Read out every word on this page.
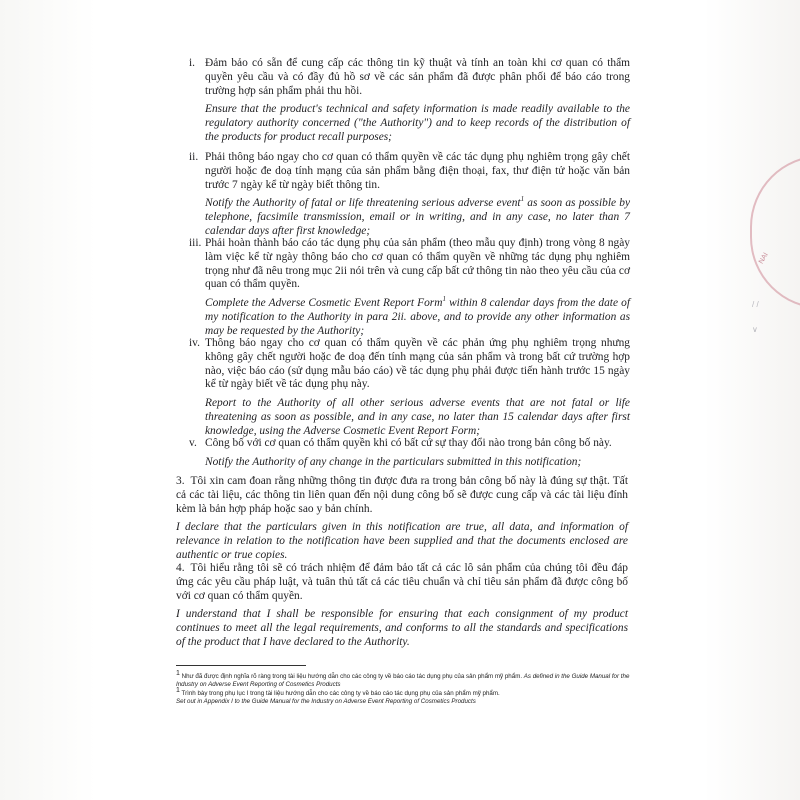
i. Đảm bảo có sẵn để cung cấp các thông tin kỹ thuật và tính an toàn khi cơ quan có thẩm quyền yêu cầu và có đầy đủ hồ sơ về các sản phẩm đã được phân phối để báo cáo trong trường hợp sản phẩm phải thu hồi.

Ensure that the product's technical and safety information is made readily available to the regulatory authority concerned ("the Authority") and to keep records of the distribution of the products for product recall purposes;

ii. Phải thông báo ngay cho cơ quan có thẩm quyền về các tác dụng phụ nghiêm trọng gây chết người hoặc đe doạ tính mạng của sản phẩm bằng điện thoại, fax, thư điện tử hoặc văn bản trước 7 ngày kể từ ngày biết thông tin.

Notify the Authority of fatal or life threatening serious adverse event$^1$ as soon as possible by telephone, facsimile transmission, email or in writing, and in any case, no later than 7 calendar days after first knowledge;

iii. Phải hoàn thành báo cáo tác dụng phụ của sản phẩm (theo mẫu quy định) trong vòng 8 ngày làm việc kể từ ngày thông báo cho cơ quan có thẩm quyền về những tác dụng phụ nghiêm trọng như đã nêu trong mục 2ii nói trên và cung cấp bất cứ thông tin nào theo yêu cầu của cơ quan có thẩm quyền.

Complete the Adverse Cosmetic Event Report Form$^1$ within 8 calendar days from the date of my notification to the Authority in para 2ii. above, and to provide any other information as may be requested by the Authority;

iv. Thông báo ngay cho cơ quan có thẩm quyền về các phản ứng phụ nghiêm trọng nhưng không gây chết người hoặc đe doạ đến tính mạng của sản phẩm và trong bất cứ trường hợp nào, việc báo cáo (sử dụng mẫu báo cáo) về tác dụng phụ phải được tiến hành trước 15 ngày kể từ ngày biết về tác dụng phụ này.

Report to the Authority of all other serious adverse events that are not fatal or life threatening as soon as possible, and in any case, no later than 15 calendar days after first knowledge, using the Adverse Cosmetic Event Report Form;

v. Công bố với cơ quan có thẩm quyền khi có bất cứ sự thay đổi nào trong bản công bố này.

Notify the Authority of any change in the particulars submitted in this notification;

3. Tôi xin cam đoan rằng những thông tin được đưa ra trong bản công bố này là đúng sự thật. Tất cả các tài liệu, các thông tin liên quan đến nội dung công bố sẽ được cung cấp và các tài liệu đính kèm là bản hợp pháp hoặc sao y bản chính.

I declare that the particulars given in this notification are true, all data, and information of relevance in relation to the notification have been supplied and that the documents enclosed are authentic or true copies.

4. Tôi hiểu rằng tôi sẽ có trách nhiệm để đảm bảo tất cả các lô sản phẩm của chúng tôi đều đáp ứng các yêu cầu pháp luật, và tuân thủ tất cả các tiêu chuẩn và chỉ tiêu sản phẩm đã được công bố với cơ quan có thẩm quyền.

I understand that I shall be responsible for ensuring that each consignment of my product continues to meet all the legal requirements, and conforms to all the standards and specifications of the product that I have declared to the Authority.

$^1$ Như đã được định nghĩa rõ ràng trong tài liệu hướng dẫn cho các công ty về báo cáo tác dụng phụ của sản phẩm mỹ phẩm. As defined in the Guide Manual for the Industry on Adverse Event Reporting of Cosmetics Products
$^1$ Trình bày trong phụ lục I trong tài liệu hướng dẫn cho các công ty về báo cáo tác dụng phụ của sản phẩm mỹ phẩm.
Set out in Appendix I to the Guide Manual for the Industry on Adverse Event Reporting of Cosmetics Products
NAI
/ /
∨
